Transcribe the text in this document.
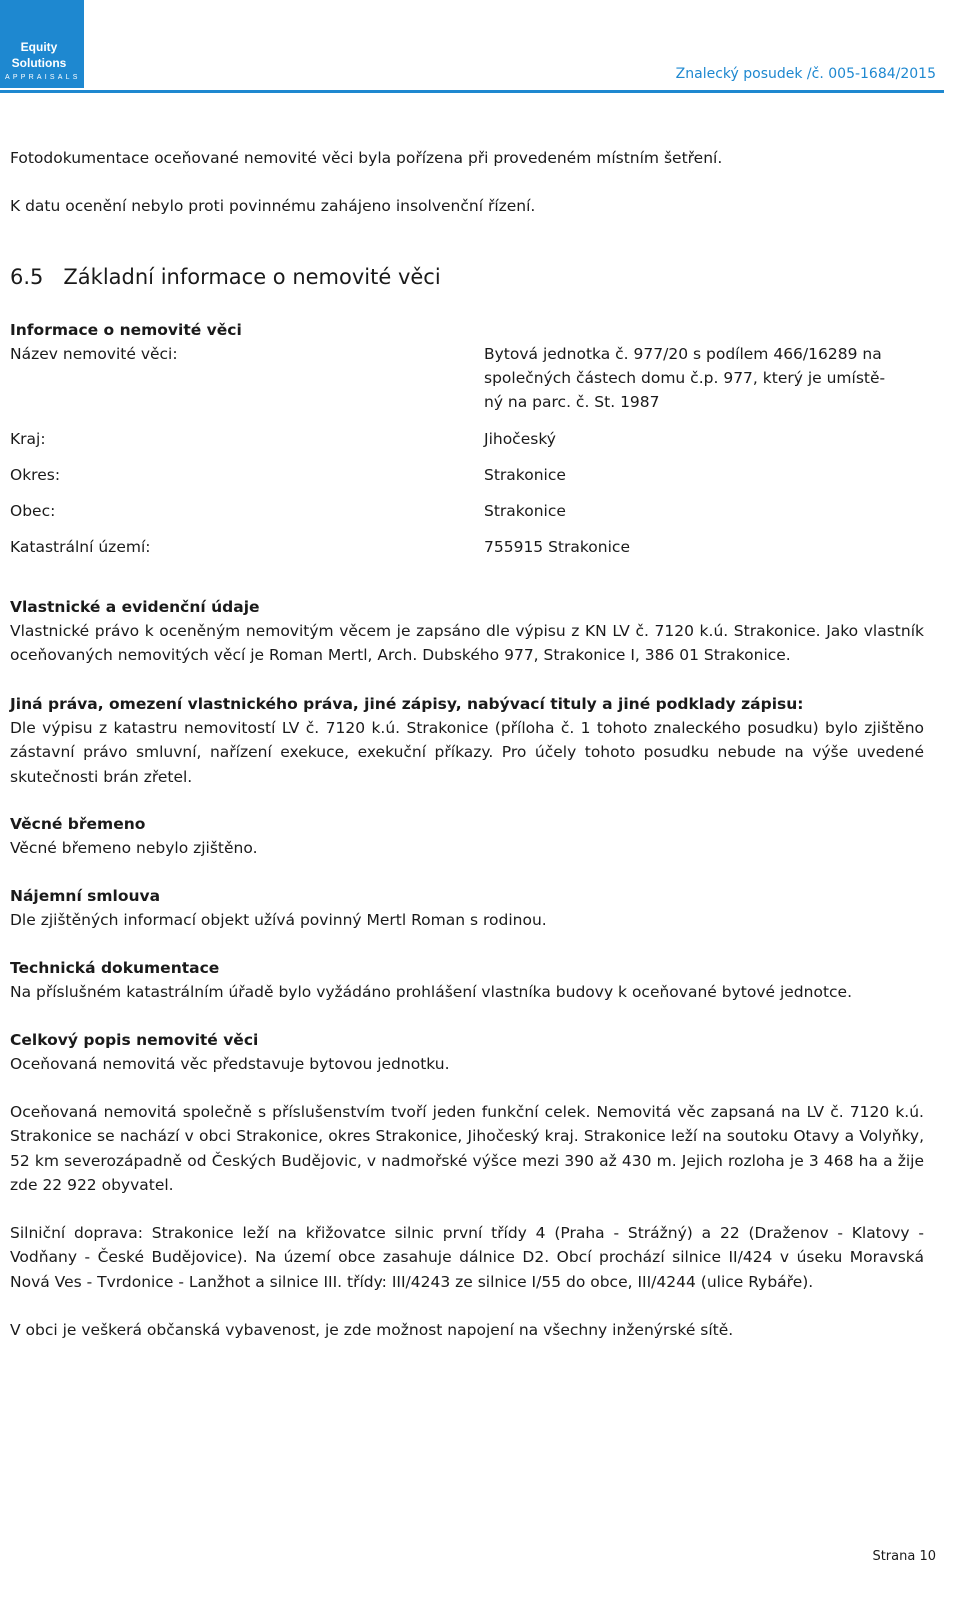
Equity
Solutions
APPRAISALS	Znalecký posudek /č. 005-1684/2015
Fotodokumentace oceňované nemovité věci byla pořízena při provedeném místním šetření.
K datu ocenění nebylo proti povinnému zahájeno insolvenční řízení.
6.5   Základní informace o nemovité věci
Informace o nemovité věci
Název nemovité věci:	Bytová jednotka č. 977/20 s podílem 466/16289 na
společných částech domu č.p. 977, který je umístě-
ný na parc. č. St. 1987
Kraj:	Jihočeský
Okres:	Strakonice
Obec:	Strakonice
Katastrální území:	755915 Strakonice
Vlastnické a evidenční údaje
Vlastnické právo k oceněným nemovitým věcem je zapsáno dle výpisu z KN LV č. 7120 k.ú. Strakonice. Jako vlastník oceňovaných nemovitých věcí je Roman Mertl, Arch. Dubského 977, Strakonice I, 386 01 Strakonice.
Jiná práva, omezení vlastnického práva, jiné zápisy, nabývací tituly a jiné podklady zápisu:
Dle výpisu z katastru nemovitostí LV č. 7120 k.ú. Strakonice (příloha č. 1 tohoto znaleckého posudku) bylo zjištěno zástavní právo smluvní, nařízení exekuce, exekuční příkazy. Pro účely tohoto posudku nebude na výše uvedené skutečnosti brán zřetel.
Věcné břemeno
Věcné břemeno nebylo zjištěno.
Nájemní smlouva
Dle zjištěných informací objekt užívá povinný Mertl Roman s rodinou.
Technická dokumentace
Na příslušném katastrálním úřadě bylo vyžádáno prohlášení vlastníka budovy k oceňované bytové jednotce.
Celkový popis nemovité věci
Oceňovaná nemovitá věc představuje bytovou jednotku.
Oceňovaná nemovitá společně s příslušenstvím tvoří jeden funkční celek. Nemovitá věc zapsaná na LV č. 7120 k.ú. Strakonice se nachází v obci Strakonice, okres Strakonice, Jihočeský kraj. Strakonice leží na soutoku Otavy a Volyňky, 52 km severozápadně od Českých Budějovic, v nadmořské výšce mezi 390 až 430 m. Jejich rozloha je 3 468 ha a žije zde 22 922 obyvatel.
Silniční doprava: Strakonice leží na křižovatce silnic první třídy 4 (Praha - Strážný) a 22 (Draženov - Klatovy - Vodňany - České Budějovice). Na území obce zasahuje dálnice D2. Obcí prochází silnice II/424 v úseku Moravská Nová Ves - Tvrdonice - Lanžhot a silnice III. třídy: III/4243 ze silnice I/55 do obce, III/4244 (ulice Rybáře).
V obci je veškerá občanská vybavenost, je zde možnost napojení na všechny inženýrské sítě.
Strana 10
